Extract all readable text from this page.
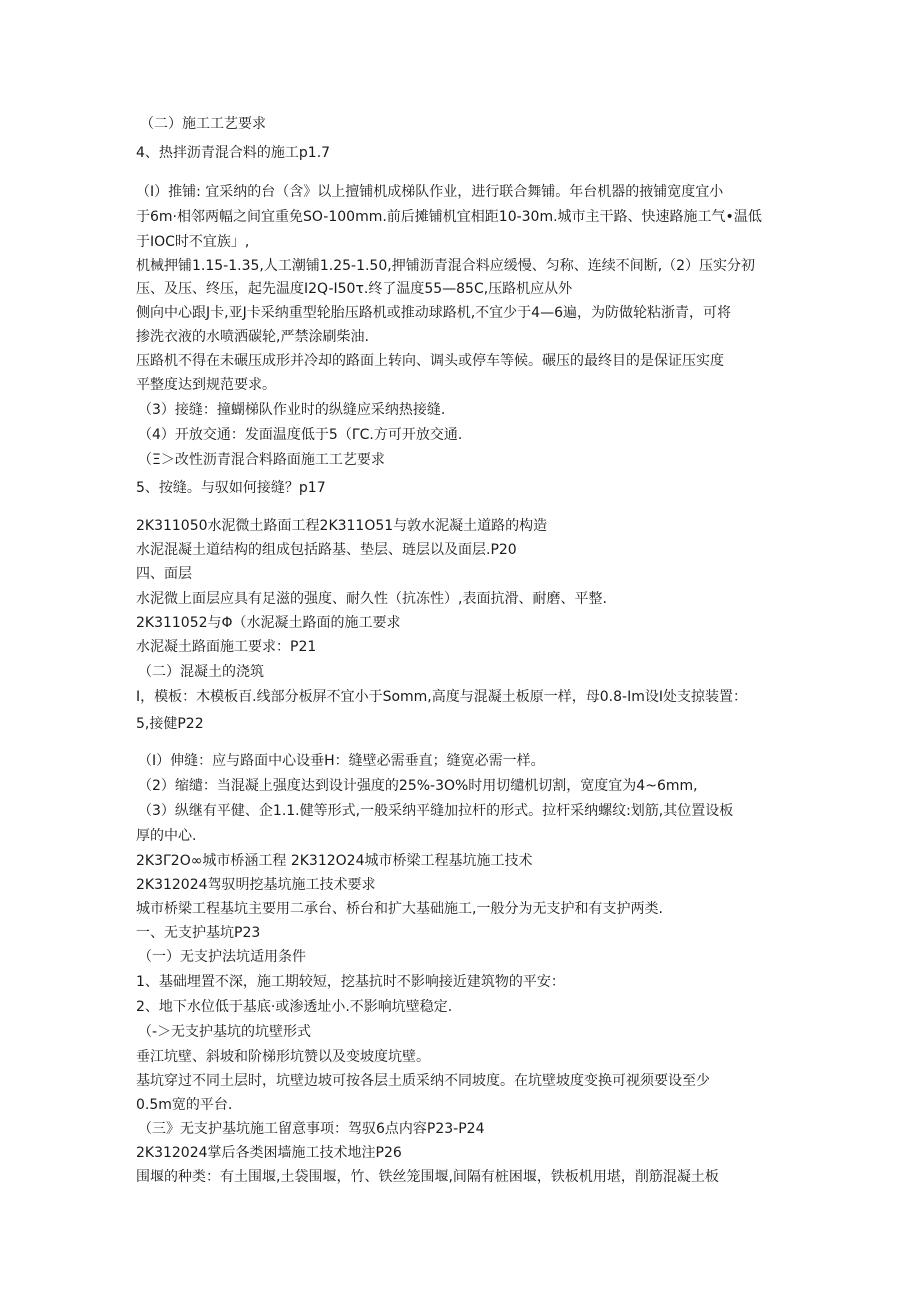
（二）施工工艺要求
4、热拌沥青混合料的施工p1.7
（I）推铺: 宜采纳的台（含》以上擅铺机成梯队作业，进行联合舞铺。年台机器的掖铺宽度宜小
于6m·相邻两幅之间宜重免SO-100mm.前后摊铺机宜相距10-30m.城市主干路、快速路施工气•温低
于IOC时不宜族」,
机械押铺1.15-1.35,人工潮铺1.25-1.50,押铺沥青混合料应缓慢、匀称、连续不间断,（2）压实分初
压、及压、终压，起先温度I2Q-I50τ.终了温度55—85C,压路机应从外
侧向中心跟J卡,亚J卡采纳重型轮胎压路机或推动球路机,不宜少于4—6遍，为防做轮粘浙青，可将
掺洗衣液的水喷洒碳轮,严禁涂刷柴油.
压路机不得在未碾压成形并冷却的路面上转向、调头或停车等候。碾压的最终目的是保证压实度
平整度达到规范要求。
（3）接缝：撞蝴梯队作业时的纵缝应采纳热接缝.
（4）开放交通：发面温度低于5（ΓC.方可开放交通.
（Ξ＞改性沥青混合料路面施工工艺要求
5、按缝。与驭如何接缝？p17
2K311050水泥微土路面工程2K311O51与敦水泥凝土道路的构造
水泥混凝土道结构的组成包括路基、垫层、琏层以及面层.P20
四、面层
水泥微上面层应具有足滋的强度、耐久性（抗冻性）,表面抗滑、耐磨、平整.
2K311052与Φ（水泥凝土路面的施工要求
水泥凝土路面施工要求：P21
（二）混凝土的浇筑
I，模板：木模板百.线部分板屏不宜小于Somm,高度与混凝土板原一样，母0.8-Im设I处支掠装置：
5,接健P22
（I）伸缝：应与路面中心设垂H：缝壁必需垂直；缝宽必需一样。
（2）缩缱：当混凝上强度达到设计强度的25%-3O%时用切缱机切割，宽度宜为4~6mm,
（3）纵继有平健、企1.1.健等形式,一般采纳平缝加拉杆的形式。拉杆采纳螺纹:划筋,其位置设板
厚的中心.
2K3Γ2O∞城市桥涵工程 2K312O24城市桥梁工程基坑施工技术
2K312024驾驭明挖基坑施工技术要求
城市桥梁工程基坑主要用二承台、桥台和扩大基础施工,一般分为无支护和有支护两类.
一、无支护基坑P23
（一）无支护法坑适用条件
1、基础埋置不深，施工期较短，挖基抗时不影响接近建筑物的平安：
2、地下水位低于基底·或渗透址小.不影响坑壁稳定.
（-＞无支护基坑的坑壁形式
垂江坑壁、斜坡和阶梯形坑赞以及变坡度坑壁。
基坑穿过不同土层时，坑壁边坡可按各层土质采纳不同坡度。在坑壁坡度变换可视须要设至少
0.5m宽的平台.
（三》无支护基坑施工留意事项：驾驭6点内容P23-P24
2K312024掌后各类困墙施工技术地注P26
围堰的种类：有土围堰,土袋围堰，竹、铁丝笼围堰,间隔有桩困堰，铁板机用堪，削筋混凝土板
